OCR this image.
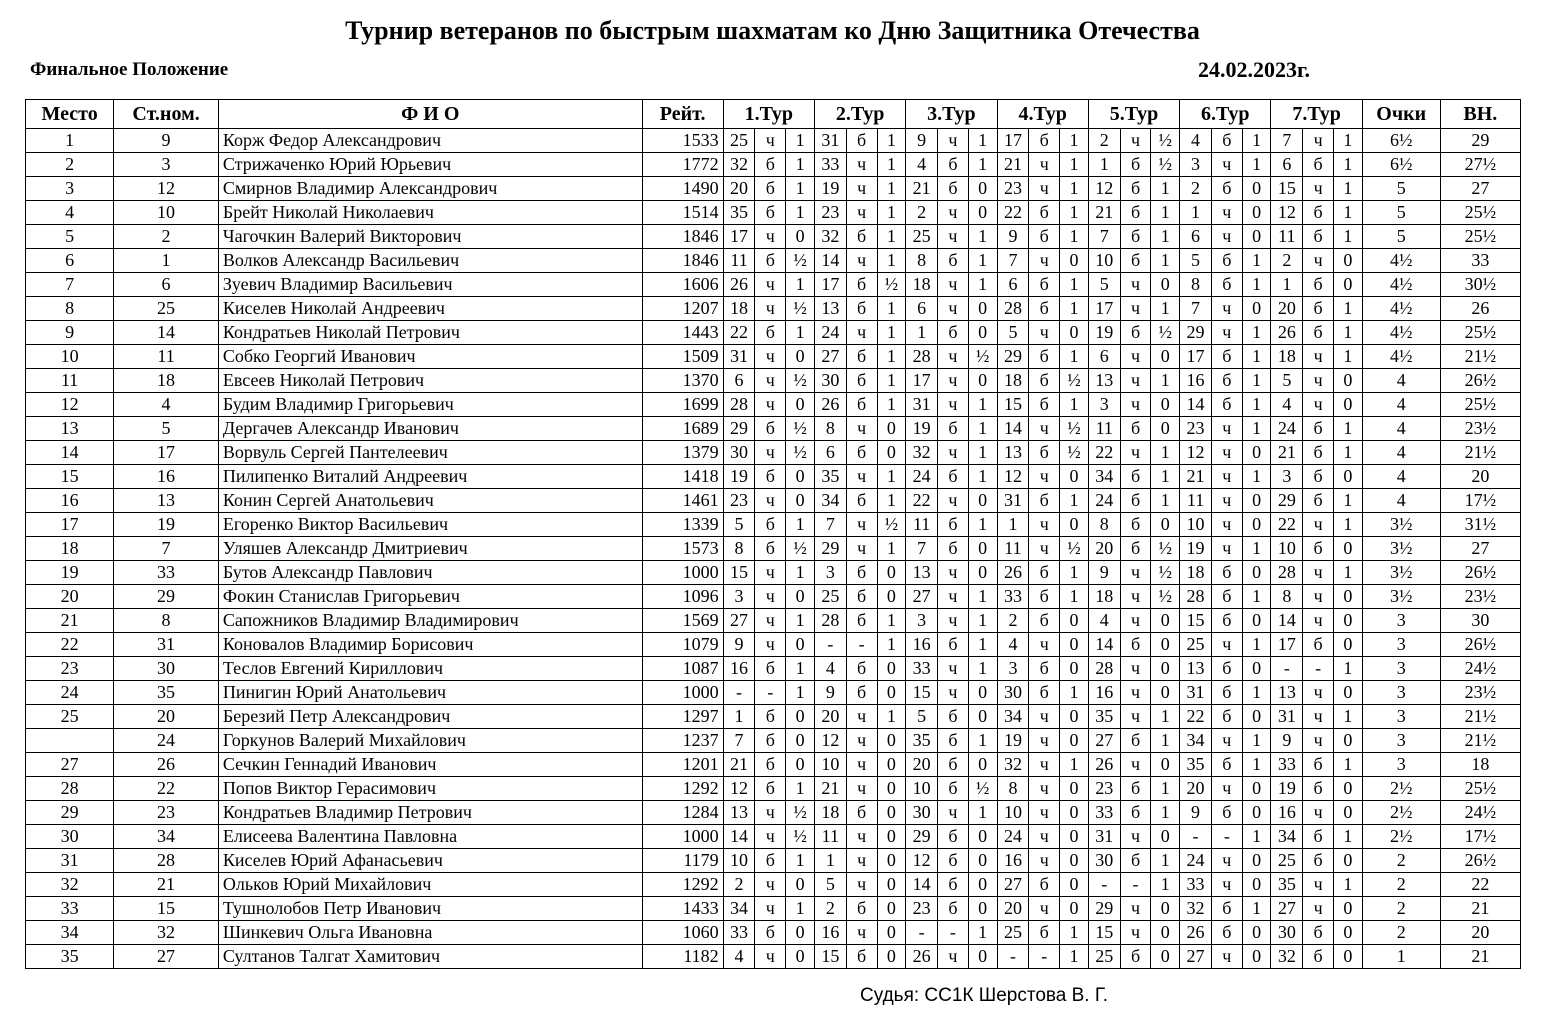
Турнир ветеранов по быстрым шахматам ко Дню Защитника Отечества
Финальное Положение	24.02.2023г.
Место	Ст.ном.	Ф И О	Рейт.	1.Тур			2.Тур			3.Тур			4.Тур			5.Тур			6.Тур			7.Тур			Очки	ВН.
1	9	Корж Федор Александрович	1533	25	ч	1	31	б	1	9	ч	1	17	б	1	2	ч	½	4	б	1	7	ч	1	6½	29
2	3	Стрижаченко Юрий Юрьевич	1772	32	б	1	33	ч	1	4	б	1	21	ч	1	1	б	½	3	ч	1	6	б	1	6½	27½
3	12	Смирнов Владимир Александрович	1490	20	б	1	19	ч	1	21	б	0	23	ч	1	12	б	1	2	б	0	15	ч	1	5	27
4	10	Брейт Николай Николаевич	1514	35	б	1	23	ч	1	2	ч	0	22	б	1	21	б	1	1	ч	0	12	б	1	5	25½
5	2	Чагочкин Валерий Викторович	1846	17	ч	0	32	б	1	25	ч	1	9	б	1	7	б	1	6	ч	0	11	б	1	5	25½
6	1	Волков Александр Васильевич	1846	11	б	½	14	ч	1	8	б	1	7	ч	0	10	б	1	5	б	1	2	ч	0	4½	33
7	6	Зуевич Владимир Васильевич	1606	26	ч	1	17	б	½	18	ч	1	6	б	1	5	ч	0	8	б	1	1	б	0	4½	30½
8	25	Киселев Николай Андреевич	1207	18	ч	½	13	б	1	6	ч	0	28	б	1	17	ч	1	7	ч	0	20	б	1	4½	26
9	14	Кондратьев Николай Петрович	1443	22	б	1	24	ч	1	1	б	0	5	ч	0	19	б	½	29	ч	1	26	б	1	4½	25½
10	11	Собко Георгий Иванович	1509	31	ч	0	27	б	1	28	ч	½	29	б	1	6	ч	0	17	б	1	18	ч	1	4½	21½
11	18	Евсеев Николай Петрович	1370	6	ч	½	30	б	1	17	ч	0	18	б	½	13	ч	1	16	б	1	5	ч	0	4	26½
12	4	Будим Владимир Григорьевич	1699	28	ч	0	26	б	1	31	ч	1	15	б	1	3	ч	0	14	б	1	4	ч	0	4	25½
13	5	Дергачев Александр Иванович	1689	29	б	½	8	ч	0	19	б	1	14	ч	½	11	б	0	23	ч	1	24	б	1	4	23½
14	17	Ворвуль Сергей Пантелеевич	1379	30	ч	½	6	б	0	32	ч	1	13	б	½	22	ч	1	12	ч	0	21	б	1	4	21½
15	16	Пилипенко Виталий Андреевич	1418	19	б	0	35	ч	1	24	б	1	12	ч	0	34	б	1	21	ч	1	3	б	0	4	20
16	13	Конин Сергей Анатольевич	1461	23	ч	0	34	б	1	22	ч	0	31	б	1	24	б	1	11	ч	0	29	б	1	4	17½
17	19	Егоренко Виктор Васильевич	1339	5	б	1	7	ч	½	11	б	1	1	ч	0	8	б	0	10	ч	0	22	ч	1	3½	31½
18	7	Уляшев Александр Дмитриевич	1573	8	б	½	29	ч	1	7	б	0	11	ч	½	20	б	½	19	ч	1	10	б	0	3½	27
19	33	Бутов Александр Павлович	1000	15	ч	1	3	б	0	13	ч	0	26	б	1	9	ч	½	18	б	0	28	ч	1	3½	26½
20	29	Фокин Станислав Григорьевич	1096	3	ч	0	25	б	0	27	ч	1	33	б	1	18	ч	½	28	б	1	8	ч	0	3½	23½
21	8	Сапожников Владимир Владимирович	1569	27	ч	1	28	б	1	3	ч	1	2	б	0	4	ч	0	15	б	0	14	ч	0	3	30
22	31	Коновалов Владимир Борисович	1079	9	ч	0	-	-	1	16	б	1	4	ч	0	14	б	0	25	ч	1	17	б	0	3	26½
23	30	Теслов Евгений Кириллович	1087	16	б	1	4	б	0	33	ч	1	3	б	0	28	ч	0	13	б	0	-	-	1	3	24½
24	35	Пинигин Юрий Анатольевич	1000	-	-	1	9	б	0	15	ч	0	30	б	1	16	ч	0	31	б	1	13	ч	0	3	23½
25	20	Березий Петр Александрович	1297	1	б	0	20	ч	1	5	б	0	34	ч	0	35	ч	1	22	б	0	31	ч	1	3	21½
	24	Горкунов Валерий Михайлович	1237	7	б	0	12	ч	0	35	б	1	19	ч	0	27	б	1	34	ч	1	9	ч	0	3	21½
27	26	Сечкин Геннадий Иванович	1201	21	б	0	10	ч	0	20	б	0	32	ч	1	26	ч	0	35	б	1	33	б	1	3	18
28	22	Попов Виктор Герасимович	1292	12	б	1	21	ч	0	10	б	½	8	ч	0	23	б	1	20	ч	0	19	б	0	2½	25½
29	23	Кондратьев Владимир Петрович	1284	13	ч	½	18	б	0	30	ч	1	10	ч	0	33	б	1	9	б	0	16	ч	0	2½	24½
30	34	Елисеева Валентина Павловна	1000	14	ч	½	11	ч	0	29	б	0	24	ч	0	31	ч	0	-	-	1	34	б	1	2½	17½
31	28	Киселев Юрий Афанасьевич	1179	10	б	1	1	ч	0	12	б	0	16	ч	0	30	б	1	24	ч	0	25	б	0	2	26½
32	21	Ольков Юрий Михайлович	1292	2	ч	0	5	ч	0	14	б	0	27	б	0	-	-	1	33	ч	0	35	ч	1	2	22
33	15	Тушнолобов Петр Иванович	1433	34	ч	1	2	б	0	23	б	0	20	ч	0	29	ч	0	32	б	1	27	ч	0	2	21
34	32	Шинкевич Ольга Ивановна	1060	33	б	0	16	ч	0	-	-	1	25	б	1	15	ч	0	26	б	0	30	б	0	2	20
35	27	Султанов Талгат Хамитович	1182	4	ч	0	15	б	0	26	ч	0	-	-	1	25	б	0	27	ч	0	32	б	0	1	21
Судья: СС1К Шерстова В. Г.
